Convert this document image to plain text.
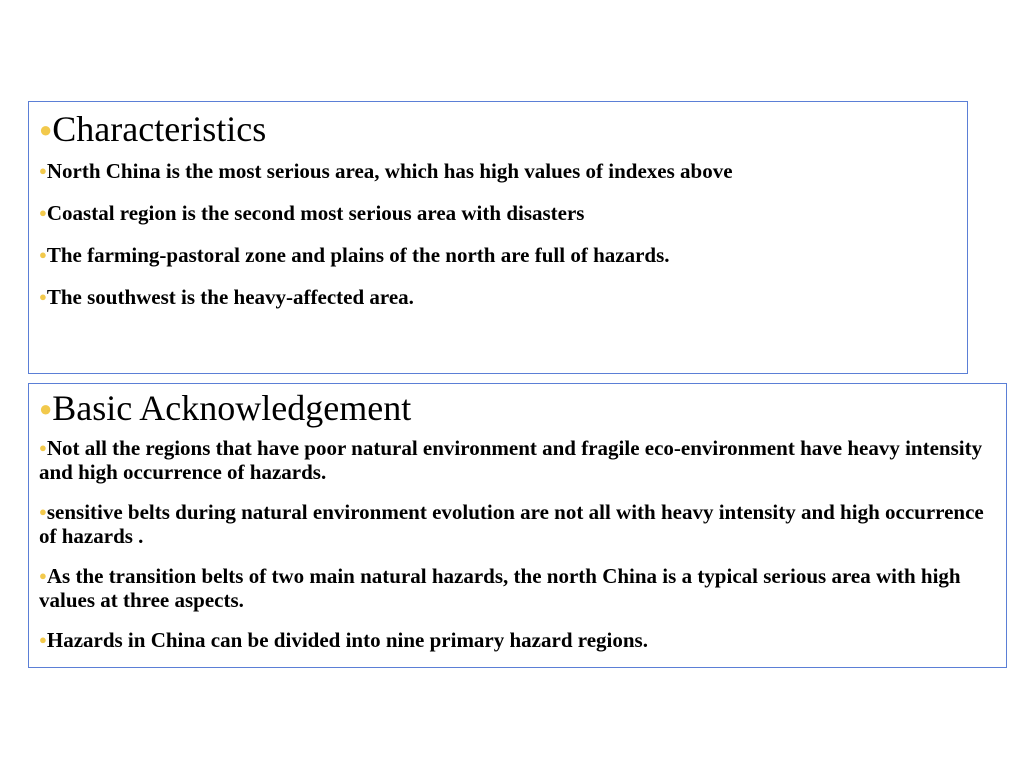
●Characteristics

●North China is the most serious area, which has high values of indexes above

●Coastal region is the second most serious area with disasters

●The farming-pastoral zone and plains of the north are full of hazards.

●The southwest is the heavy-affected area.

●Basic Acknowledgement

●Not all the regions that have poor natural environment and fragile eco-environment have heavy intensity and high occurrence of hazards.

●sensitive belts during natural environment evolution are not all with heavy intensity and high occurrence of hazards .

●As the transition belts of two main natural hazards, the north China is a typical serious area with high values at three aspects.

●Hazards in China can be divided into nine primary hazard regions.
